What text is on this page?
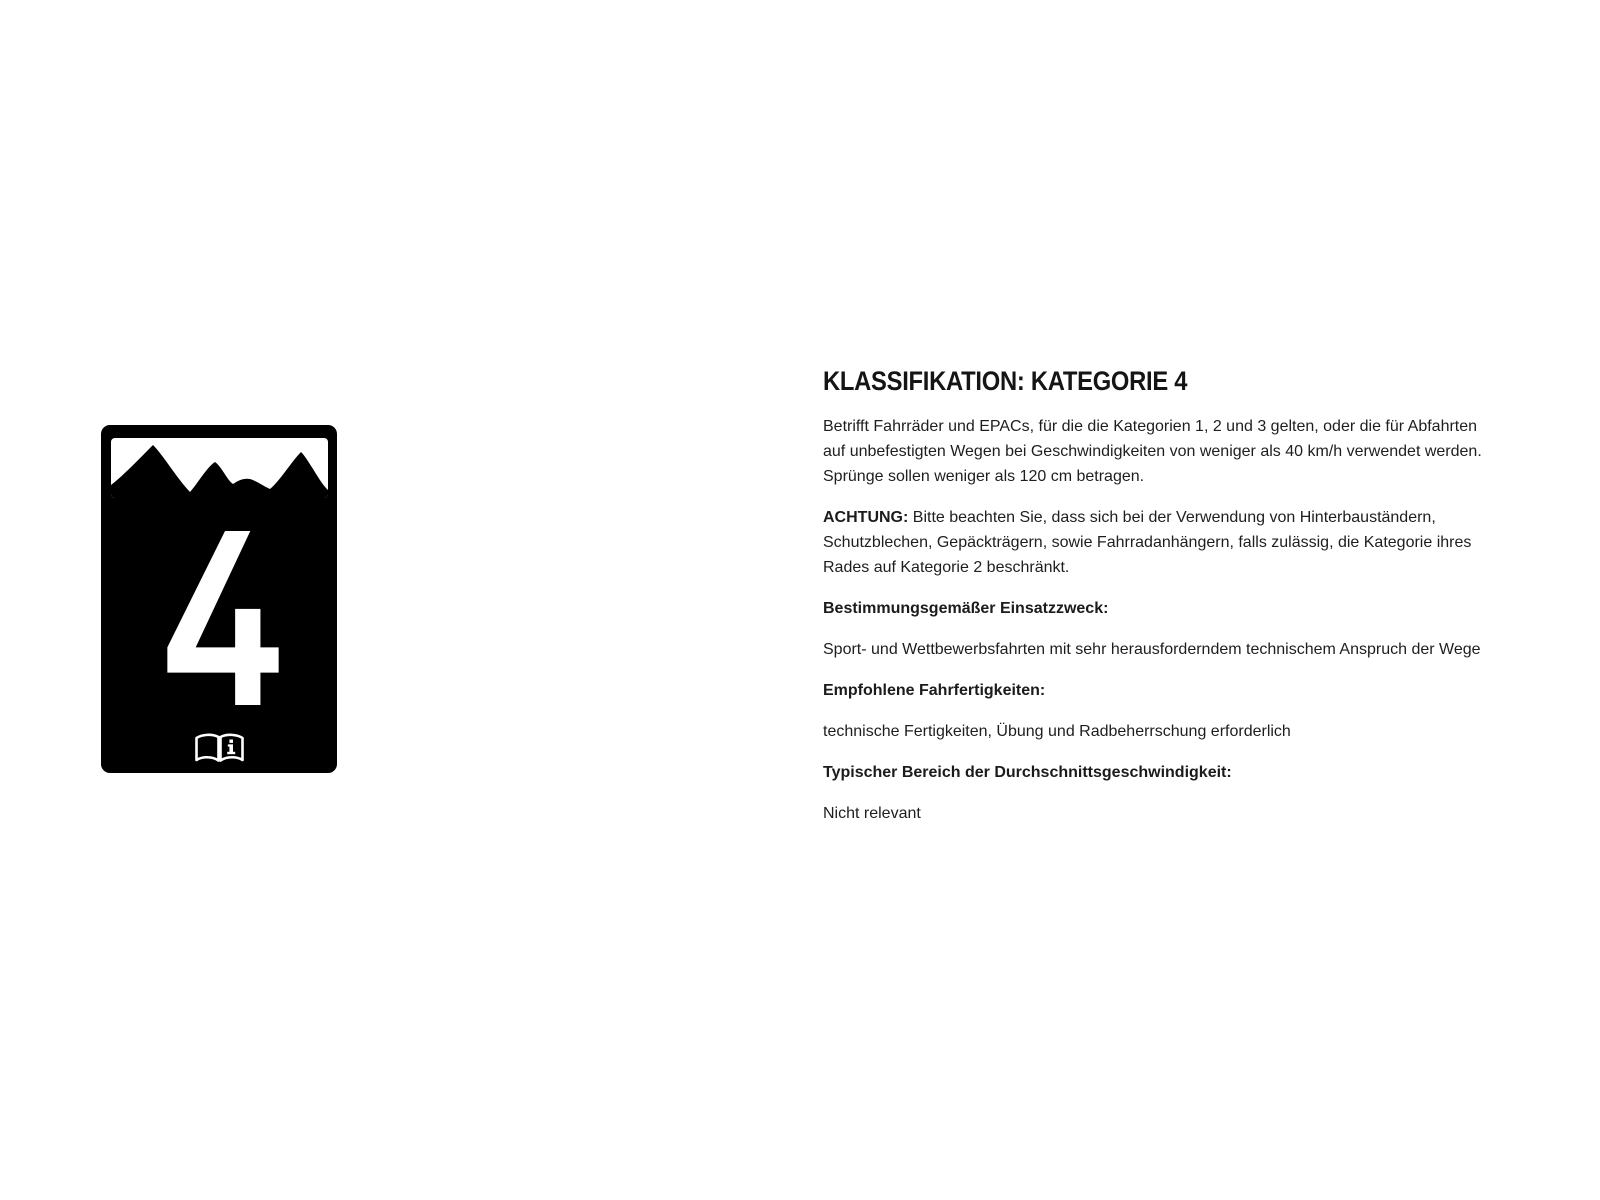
KLASSIFIKATION: KATEGORIE 4

Betrifft Fahrräder und EPACs, für die die Kategorien 1, 2 und 3 gelten, oder die für Abfahrten auf unbefestigten Wegen bei Geschwindigkeiten von weniger als 40 km/h verwendet werden. Sprünge sollen weniger als 120 cm betragen.

ACHTUNG: Bitte beachten Sie, dass sich bei der Verwendung von Hinterbauständern, Schutzblechen, Gepäckträgern, sowie Fahrradanhängern, falls zulässig, die Kategorie ihres Rades auf Kategorie 2 beschränkt.

Bestimmungsgemäßer Einsatzzweck:

Sport- und Wettbewerbsfahrten mit sehr herausforderndem technischem Anspruch der Wege

Empfohlene Fahrfertigkeiten:

technische Fertigkeiten, Übung und Radbeherrschung erforderlich

Typischer Bereich der Durchschnittsgeschwindigkeit:

Nicht relevant
